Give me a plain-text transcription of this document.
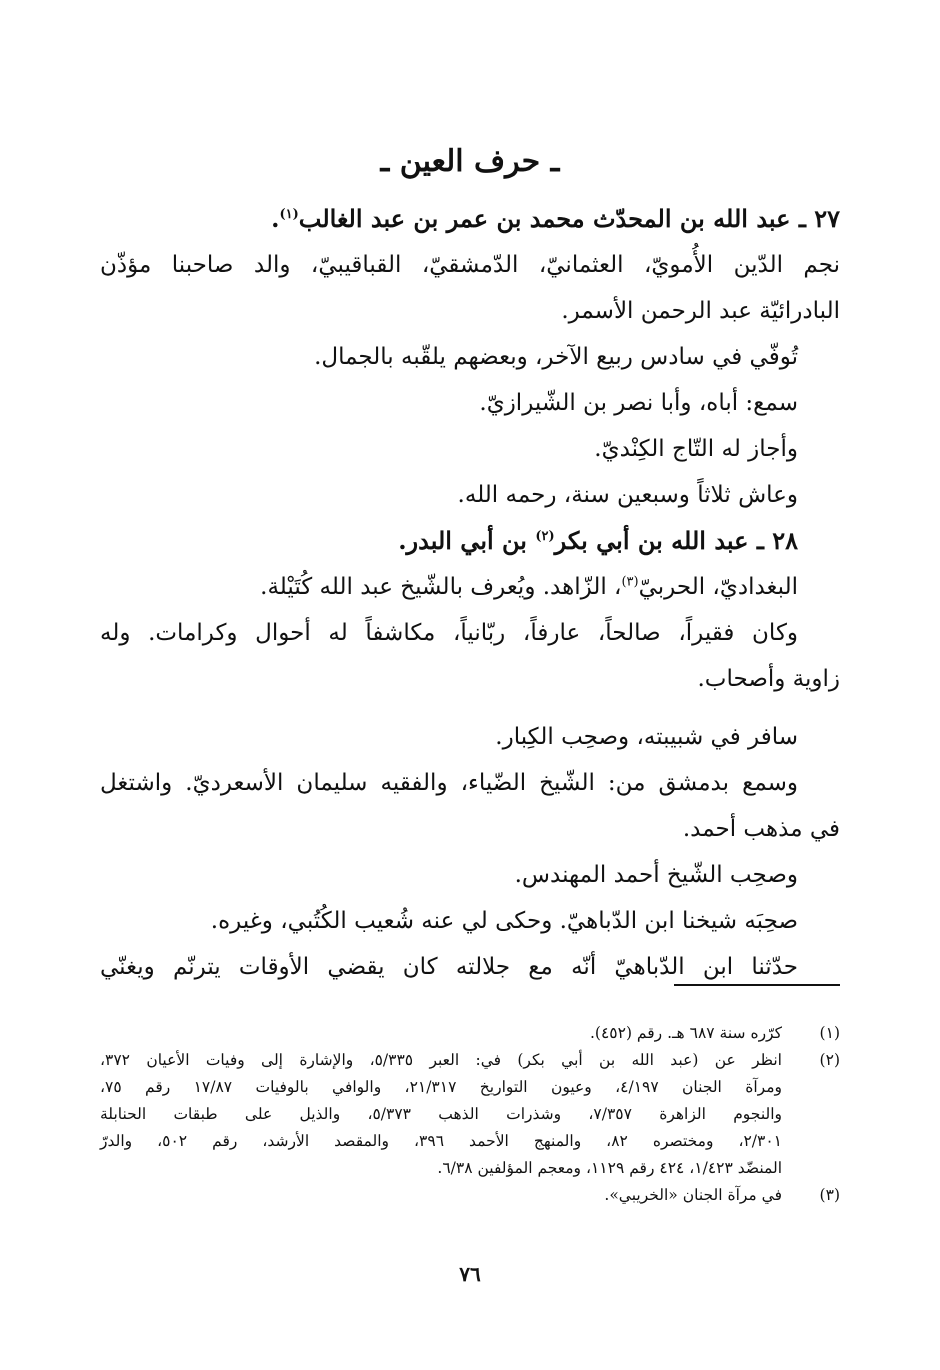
ـ حرف العين ـ
٢٧ ـ عبد الله بن المحدّث محمد بن عمر بن عبد الغالب$^{(١)}$.
نجم الدّين الأُمويّ، العثمانيّ، الدّمشقيّ، القباقيبيّ، والد صاحبنا مؤذّن
البادرائيّة عبد الرحمن الأسمر.
تُوفّي في سادس ربيع الآخر، وبعضهم يلقّبه بالجمال.
سمع: أباه، وأبا نصر بن الشّيرازيّ.
وأجاز له التّاج الكِنْديّ.
وعاش ثلاثاً وسبعين سنة، رحمه الله.
٢٨ ـ عبد الله بن أبي بكر$^{(٢)}$ بن أبي البدر.
البغداديّ، الحربيّ$^{(٣)}$، الزّاهد. ويُعرف بالشّيخ عبد الله كُتَيْلة.
وكان فقيراً، صالحاً، عارفاً، ربّانياً، مكاشفاً له أحوال وكرامات. وله
زاوية وأصحاب.
سافر في شبيبته، وصحِب الكِبار.
وسمع بدمشق من: الشّيخ الضّياء، والفقيه سليمان الأسعرديّ. واشتغل
في مذهب أحمد.
وصحِب الشّيخ أحمد المهندس.
صحِبَه شيخنا ابن الدّباهيّ. وحكى لي عنه شُعيب الكُتُبي، وغيره.
حدّثنا ابن الدّباهيّ أنّه مع جلالته كان يقضي الأوقات يترنّم ويغنّي
(١)
كرّره سنة ٦٨٧ هـ. رقم (٤٥٢).
(٢)
انظر عن (عبد الله بن أبي بكر) في: العبر ٥/٣٣٥، والإشارة إلى وفيات الأعيان ٣٧٢،
ومرآة الجنان ٤/١٩٧، وعيون التواريخ ٢١/٣١٧، والوافي بالوفيات ١٧/٨٧ رقم ٧٥،
والنجوم الزاهرة ٧/٣٥٧، وشذرات الذهب ٥/٣٧٣، والذيل على طبقات الحنابلة
٢/٣٠١، ومختصره ٨٢، والمنهج الأحمد ٣٩٦، والمقصد الأرشد، رقم ٥٠٢، والدرّ
المنضّد ١/٤٢٣، ٤٢٤ رقم ١١٢٩، ومعجم المؤلفين ٦/٣٨.
(٣)
في مرآة الجنان «الخريبي».
٧٦
